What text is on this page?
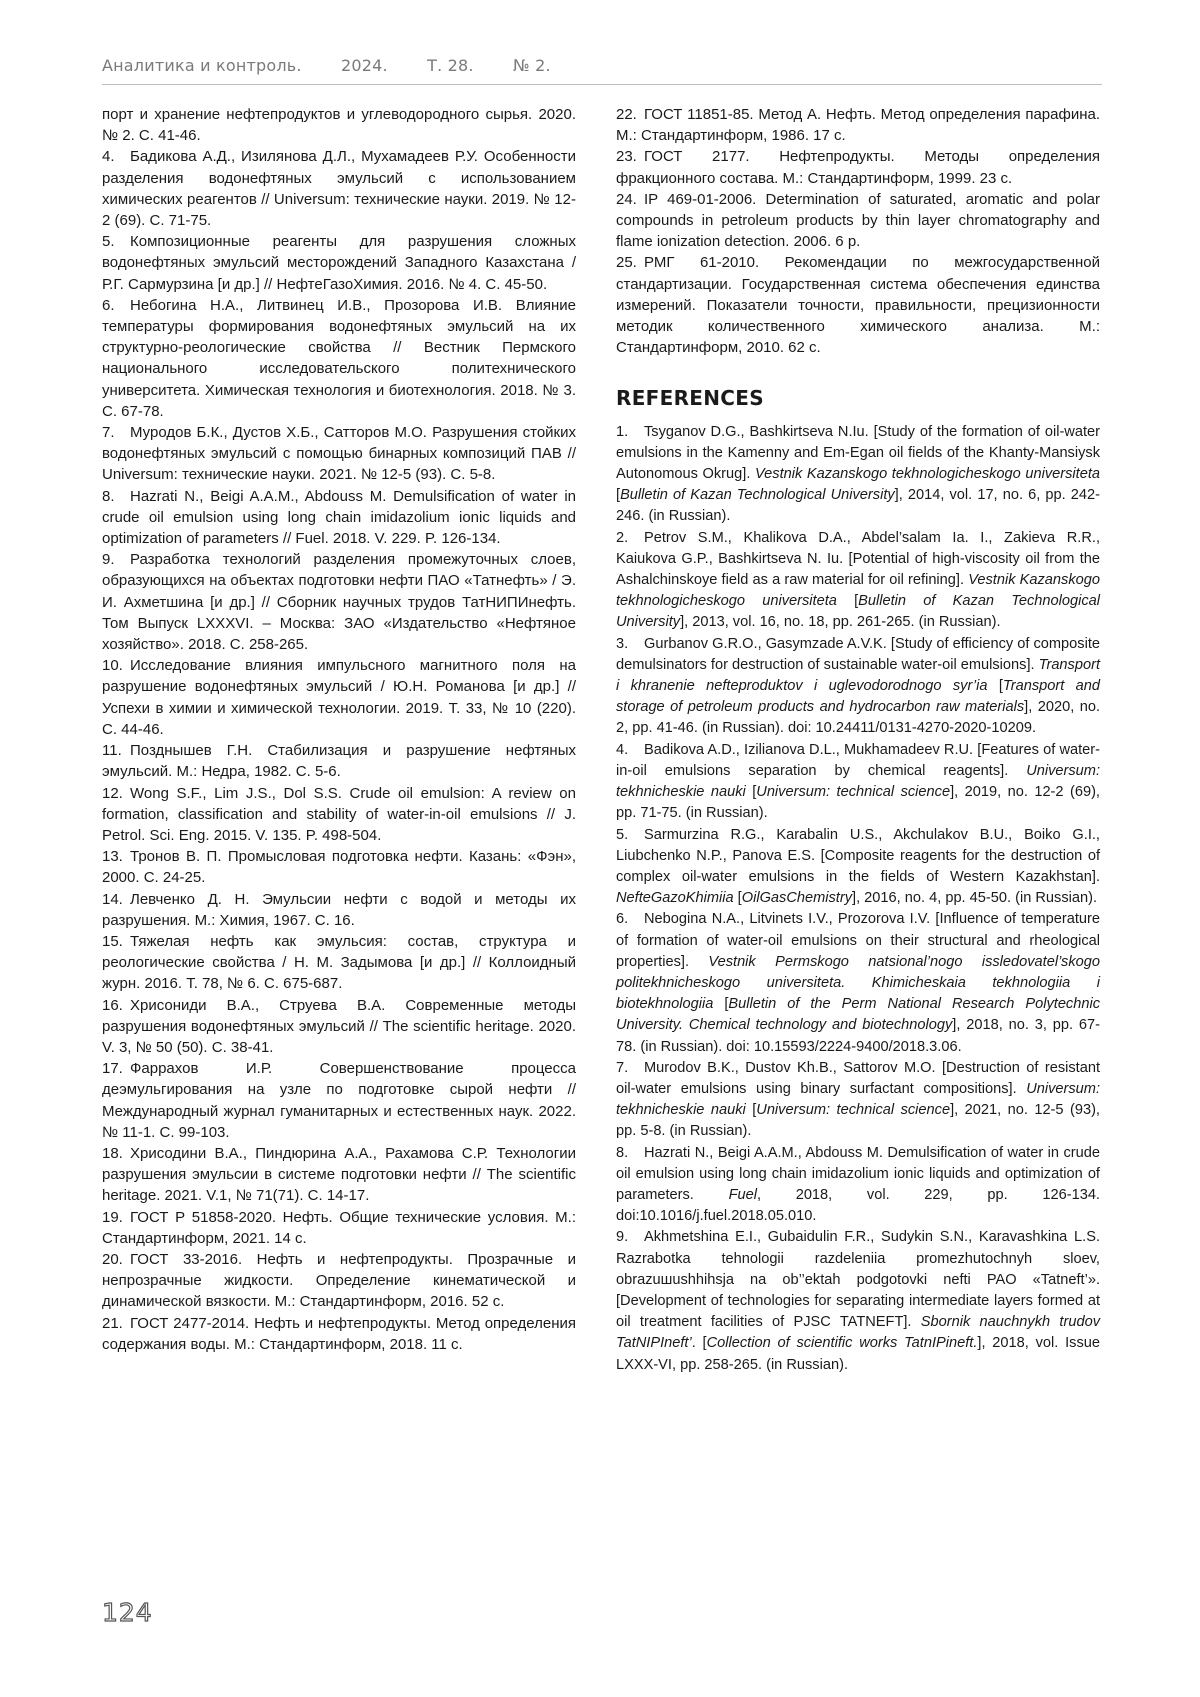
Аналитика и контроль. 2024. Т. 28. № 2.
порт и хранение нефтепродуктов и углеводородного сырья. 2020. № 2. С. 41-46.
4. Бадикова А.Д., Изилянова Д.Л., Мухамадеев Р.У. Особенности разделения водонефтяных эмульсий с использованием химических реагентов // Universum: технические науки. 2019. № 12-2 (69). С. 71-75.
5. Композиционные реагенты для разрушения сложных водонефтяных эмульсий месторождений Западного Казахстана / Р.Г. Сармурзина [и др.] // НефтеГазоХимия. 2016. № 4. С. 45-50.
6. Небогина Н.А., Литвинец И.В., Прозорова И.В. Влияние температуры формирования водонефтяных эмульсий на их структурно-реологические свойства // Вестник Пермского национального исследовательского политехнического университета. Химическая технология и биотехнология. 2018. № 3. С. 67-78.
7. Муродов Б.К., Дустов Х.Б., Сатторов М.О. Разрушения стойких водонефтяных эмульсий с помощью бинарных композиций ПАВ // Universum: технические науки. 2021. № 12-5 (93). С. 5-8.
8. Hazrati N., Beigi A.A.M., Abdouss M. Demulsification of water in crude oil emulsion using long chain imidazolium ionic liquids and optimization of parameters // Fuel. 2018. V. 229. P. 126-134.
9. Разработка технологий разделения промежуточных слоев, образующихся на объектах подготовки нефти ПАО «Татнефть» / Э. И. Ахметшина [и др.] // Сборник научных трудов ТатНИПИнефть. Том Выпуск LXXXVI. – Москва: ЗАО «Издательство «Нефтяное хозяйство». 2018. С. 258-265.
10. Исследование влияния импульсного магнитного поля на разрушение водонефтяных эмульсий / Ю.Н. Романова [и др.] // Успехи в химии и химической технологии. 2019. Т. 33, № 10 (220). С. 44-46.
11. Позднышев Г.Н. Стабилизация и разрушение нефтяных эмульсий. М.: Недра, 1982. С. 5-6.
12. Wong S.F., Lim J.S., Dol S.S. Crude oil emulsion: A review on formation, classification and stability of water-in-oil emulsions // J. Petrol. Sci. Eng. 2015. V. 135. P. 498-504.
13. Тронов В. П. Промысловая подготовка нефти. Казань: «Фэн», 2000. С. 24-25.
14. Левченко Д. Н. Эмульсии нефти с водой и методы их разрушения. М.: Химия, 1967. С. 16.
15. Тяжелая нефть как эмульсия: состав, структура и реологические свойства / Н. М. Задымова [и др.] // Коллоидный журн. 2016. Т. 78, № 6. С. 675-687.
16. Хрисониди В.А., Струева В.А. Современные методы разрушения водонефтяных эмульсий // The scientific heritage. 2020. V. 3, № 50 (50). С. 38-41.
17. Фаррахов И.Р. Совершенствование процесса деэмульгирования на узле по подготовке сырой нефти // Международный журнал гуманитарных и естественных наук. 2022. № 11-1. С. 99-103.
18. Хрисодини В.А., Пиндюрина А.А., Рахамова С.Р. Технологии разрушения эмульсии в системе подготовки нефти // The scientific heritage. 2021. V.1, № 71(71). С. 14-17.
19. ГОСТ Р 51858-2020. Нефть. Общие технические условия. М.: Стандартинформ, 2021. 14 с.
20. ГОСТ 33-2016. Нефть и нефтепродукты. Прозрачные и непрозрачные жидкости. Определение кинематической и динамической вязкости. М.: Стандартинформ, 2016. 52 с.
21. ГОСТ 2477-2014. Нефть и нефтепродукты. Метод определения содержания воды. М.: Стандартинформ, 2018. 11 с.
22. ГОСТ 11851-85. Метод А. Нефть. Метод определения парафина. М.: Стандартинформ, 1986. 17 с.
23. ГОСТ 2177. Нефтепродукты. Методы определения фракционного состава. М.: Стандартинформ, 1999. 23 с.
24. IP 469-01-2006. Determination of saturated, aromatic and polar compounds in petroleum products by thin layer chromatography and flame ionization detection. 2006. 6 р.
25. РМГ 61-2010. Рекомендации по межгосударственной стандартизации. Государственная система обеспечения единства измерений. Показатели точности, правильности, прецизионности методик количественного химического анализа. М.: Стандартинформ, 2010. 62 с.
REFERENCES
1. Tsyganov D.G., Bashkirtseva N.Iu. [Study of the formation of oil-water emulsions in the Kamenny and Em-Egan oil fields of the Khanty-Mansiysk Autonomous Okrug]. Vestnik Kazanskogo tekhnologicheskogo universiteta [Bulletin of Kazan Technological University], 2014, vol. 17, no. 6, pp. 242-246. (in Russian).
2. Petrov S.M., Khalikova D.A., Abdel’salam Ia. I., Zakieva R.R., Kaiukova G.P., Bashkirtseva N. Iu. [Potential of high-viscosity oil from the Ashalchinskoye field as a raw material for oil refining]. Vestnik Kazanskogo tekhnologicheskogo universiteta [Bulletin of Kazan Technological University], 2013, vol. 16, no. 18, pp. 261-265. (in Russian).
3. Gurbanov G.R.O., Gasymzade A.V.K. [Study of efficiency of composite demulsinators for destruction of sustainable water-oil emulsions]. Transport i khranenie nefteproduktov i uglevodorodnogo syr’ia [Transport and storage of petroleum products and hydrocarbon raw materials], 2020, no. 2, pp. 41-46. (in Russian). doi: 10.24411/0131-4270-2020-10209.
4. Badikova A.D., Izilianova D.L., Mukhamadeev R.U. [Features of water-in-oil emulsions separation by chemical reagents]. Universum: tekhnicheskie nauki [Universum: technical science], 2019, no. 12-2 (69), pp. 71-75. (in Russian).
5. Sarmurzina R.G., Karabalin U.S., Akchulakov B.U., Boiko G.I., Liubchenko N.P., Panova E.S. [Composite reagents for the destruction of complex oil-water emulsions in the fields of Western Kazakhstan]. NefteGazoKhimiia [OilGasChemistry], 2016, no. 4, pp. 45-50. (in Russian).
6. Nebogina N.A., Litvinets I.V., Prozorova I.V. [Influence of temperature of formation of water-oil emulsions on their structural and rheological properties]. Vestnik Permskogo natsional’nogo issledovatel’skogo politekhnicheskogo universiteta. Khimicheskaia tekhnologiia i biotekhnologiia [Bulletin of the Perm National Research Polytechnic University. Chemical technology and biotechnology], 2018, no. 3, pp. 67-78. (in Russian). doi: 10.15593/2224-9400/2018.3.06.
7. Murodov B.K., Dustov Kh.B., Sattorov M.O. [Destruction of resistant oil-water emulsions using binary surfactant compositions]. Universum: tekhnicheskie nauki [Universum: technical science], 2021, no. 12-5 (93), pp. 5-8. (in Russian).
8. Hazrati N., Beigi A.A.M., Abdouss M. Demulsification of water in crude oil emulsion using long chain imidazolium ionic liquids and optimization of parameters. Fuel, 2018, vol. 229, pp. 126-134. doi:10.1016/j.fuel.2018.05.010.
9. Akhmetshina E.I., Gubaidulin F.R., Sudykin S.N., Karavashkina L.S. Razrabotka tehnologii razdeleniia promezhutochnyh sloev, obrazuшushhihsja na ob’’ektah podgotovki nefti PAO «Tatneft’». [Development of technologies for separating intermediate layers formed at oil treatment facilities of PJSC TATNEFT]. Sbornik nauchnykh trudov TatNIPIneft’. [Collection of scientific works TatnIPineft.], 2018, vol. Issue LXXX-VI, pp. 258-265. (in Russian).
124
